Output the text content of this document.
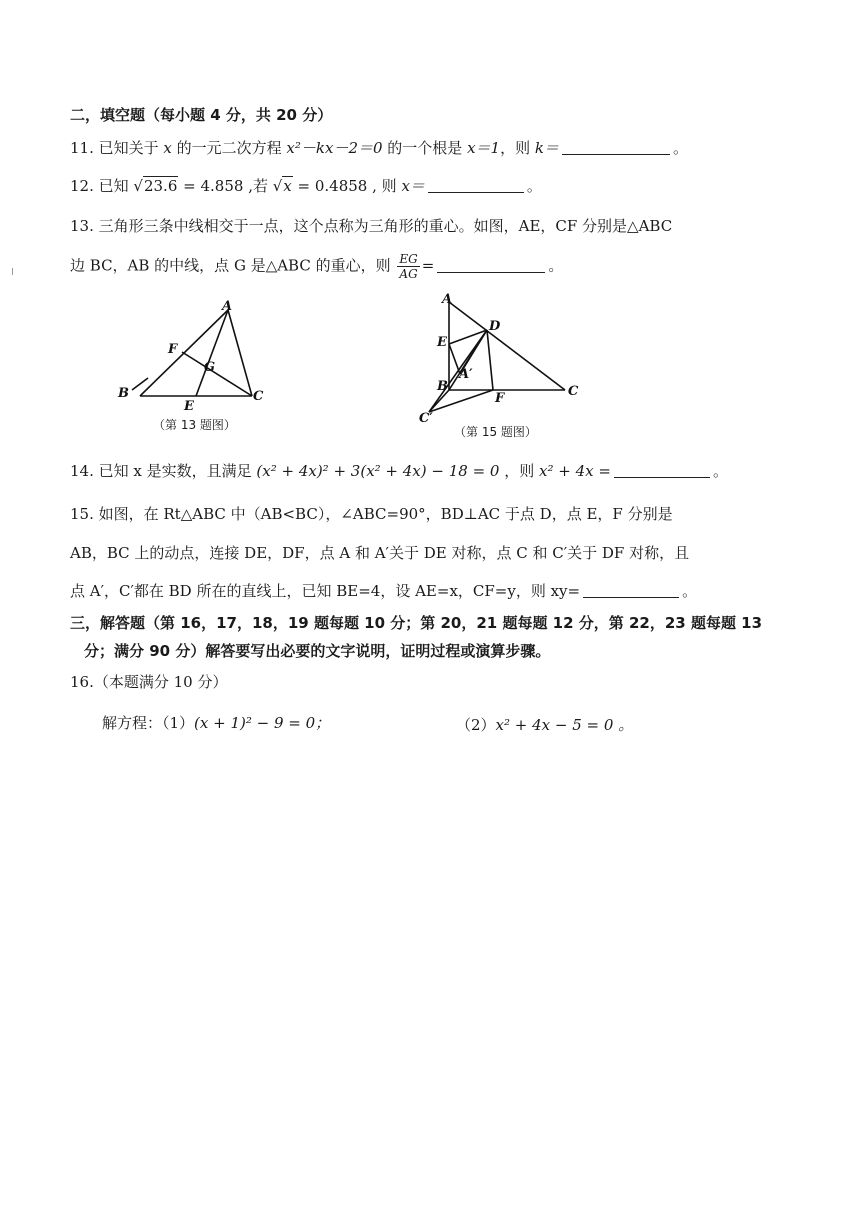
二，填空题（每小题 4 分，共 20 分）
11. 已知关于 x 的一元二次方程 x²－kx－2＝0 的一个根是 x＝1，则 k＝	。
12. 已知 √23.6 = 4.858 ,若 √x = 0.4858 , 则 x＝	。
13. 三角形三条中线相交于一点，这个点称为三角形的重心。如图，AE，CF 分别是△ABC
边 BC，AB 的中线，点 G 是△ABC 的重心，则 $\frac{EG}{AG}$ =	。
A
F
G
B
E
C
（第 13 题图）
A
D
E
A′
B
F	C
C′
（第 15 题图）
14. 已知 x 是实数，且满足 (x² + 4x)² + 3(x² + 4x) − 18 = 0 ，则 x² + 4x =	。
15. 如图，在 Rt△ABC 中（AB<BC），∠ABC=90°，BD⊥AC 于点 D，点 E，F 分别是
AB，BC 上的动点，连接 DE，DF，点 A 和 A′关于 DE 对称，点 C 和 C′关于 DF 对称，且
点 A′，C′都在 BD 所在的直线上，已知 BE=4，设 AE=x，CF=y，则 xy=	。
三，解答题（第 16，17，18，19 题每题 10 分；第 20，21 题每题 12 分，第 22，23 题每题 13
分；满分 90 分）解答要写出必要的文字说明，证明过程或演算步骤。
16.（本题满分 10 分）
解方程：（1）(x + 1)² − 9 = 0；	（2）x² + 4x − 5 = 0 。
